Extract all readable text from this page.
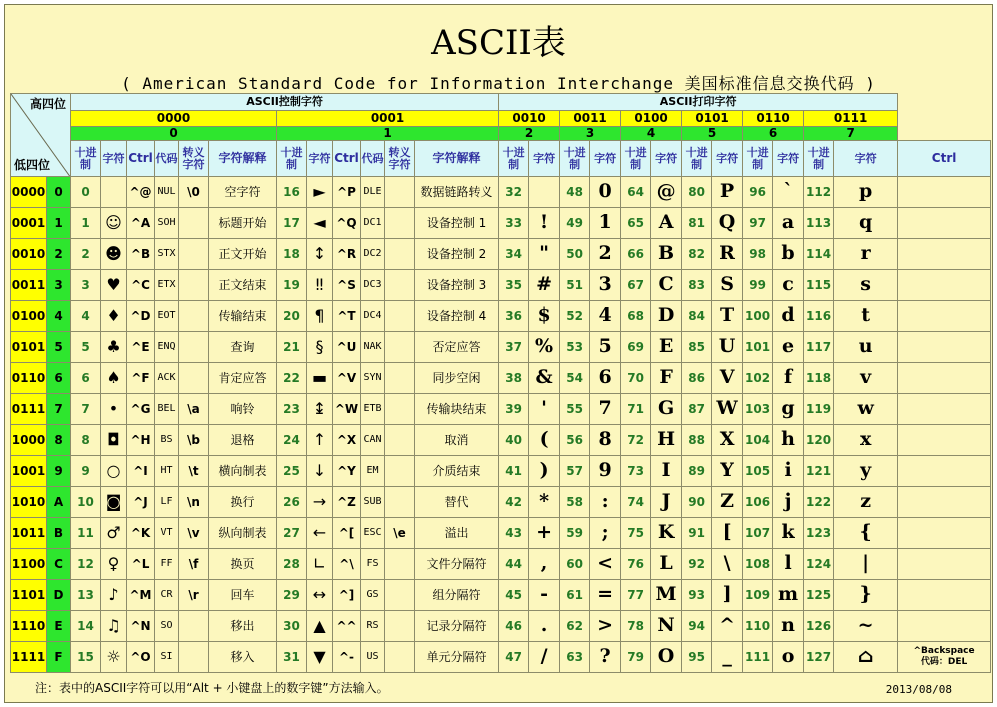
ASCII表
( American Standard Code for Information Interchange 美国标准信息交换代码 )
高四位
低四位		ASCII控制字符												ASCII打印字符												
		0000						0001						0010		0011		0100		0101		0110		0111		
		0						1						2		3		4		5		6		7		
		十进制	字符	Ctrl	代码	转义字符	字符解释	十进制	字符	Ctrl	代码	转义字符	字符解释	十进制	字符	十进制	字符	十进制	字符	十进制	字符	十进制	字符	十进制	字符	Ctrl
0000	0	0		^@	NUL	\0	空字符	16	►	^P	DLE		数据链路转义	32		48	0	64	@	80	P	96	`	112	p	
0001	1	1	☺	^A	SOH		标题开始	17	◄	^Q	DC1		设备控制 1	33	!	49	1	65	A	81	Q	97	a	113	q	
0010	2	2	☻	^B	STX		正文开始	18	↕	^R	DC2		设备控制 2	34	"	50	2	66	B	82	R	98	b	114	r	
0011	3	3	♥	^C	ETX		正文结束	19	‼	^S	DC3		设备控制 3	35	#	51	3	67	C	83	S	99	c	115	s	
0100	4	4	♦	^D	EOT		传输结束	20	¶	^T	DC4		设备控制 4	36	$	52	4	68	D	84	T	100	d	116	t	
0101	5	5	♣	^E	ENQ		查询	21	§	^U	NAK		否定应答	37	%	53	5	69	E	85	U	101	e	117	u	
0110	6	6	♠	^F	ACK		肯定应答	22	▬	^V	SYN		同步空闲	38	&	54	6	70	F	86	V	102	f	118	v	
0111	7	7	•	^G	BEL	\a	响铃	23	↨	^W	ETB		传输块结束	39	'	55	7	71	G	87	W	103	g	119	w	
1000	8	8	◘	^H	BS	\b	退格	24	↑	^X	CAN		取消	40	(	56	8	72	H	88	X	104	h	120	x	
1001	9	9	○	^I	HT	\t	横向制表	25	↓	^Y	EM		介质结束	41	)	57	9	73	I	89	Y	105	i	121	y	
1010	A	10	◙	^J	LF	\n	换行	26	→	^Z	SUB		替代	42	*	58	:	74	J	90	Z	106	j	122	z	
1011	B	11	♂	^K	VT	\v	纵向制表	27	←	^[	ESC	\e	溢出	43	+	59	;	75	K	91	[	107	k	123	{	
1100	C	12	♀	^L	FF	\f	换页	28	∟	^\	FS		文件分隔符	44	,	60	<	76	L	92	\	108	l	124	|	
1101	D	13	♪	^M	CR	\r	回车	29	↔	^]	GS		组分隔符	45	-	61	=	77	M	93	]	109	m	125	}	
1110	E	14	♫	^N	SO		移出	30	▲	^^	RS		记录分隔符	46	.	62	>	78	N	94	^	110	n	126	~	
1111	F	15	☼	^O	SI		移入	31	▼	^-	US		单元分隔符	47	/	63	?	79	O	95	_	111	o	127	⌂	^Backspace
代码：DEL
注：表中的ASCII字符可以用“Alt + 小键盘上的数字键”方法输入。	2013/08/08
